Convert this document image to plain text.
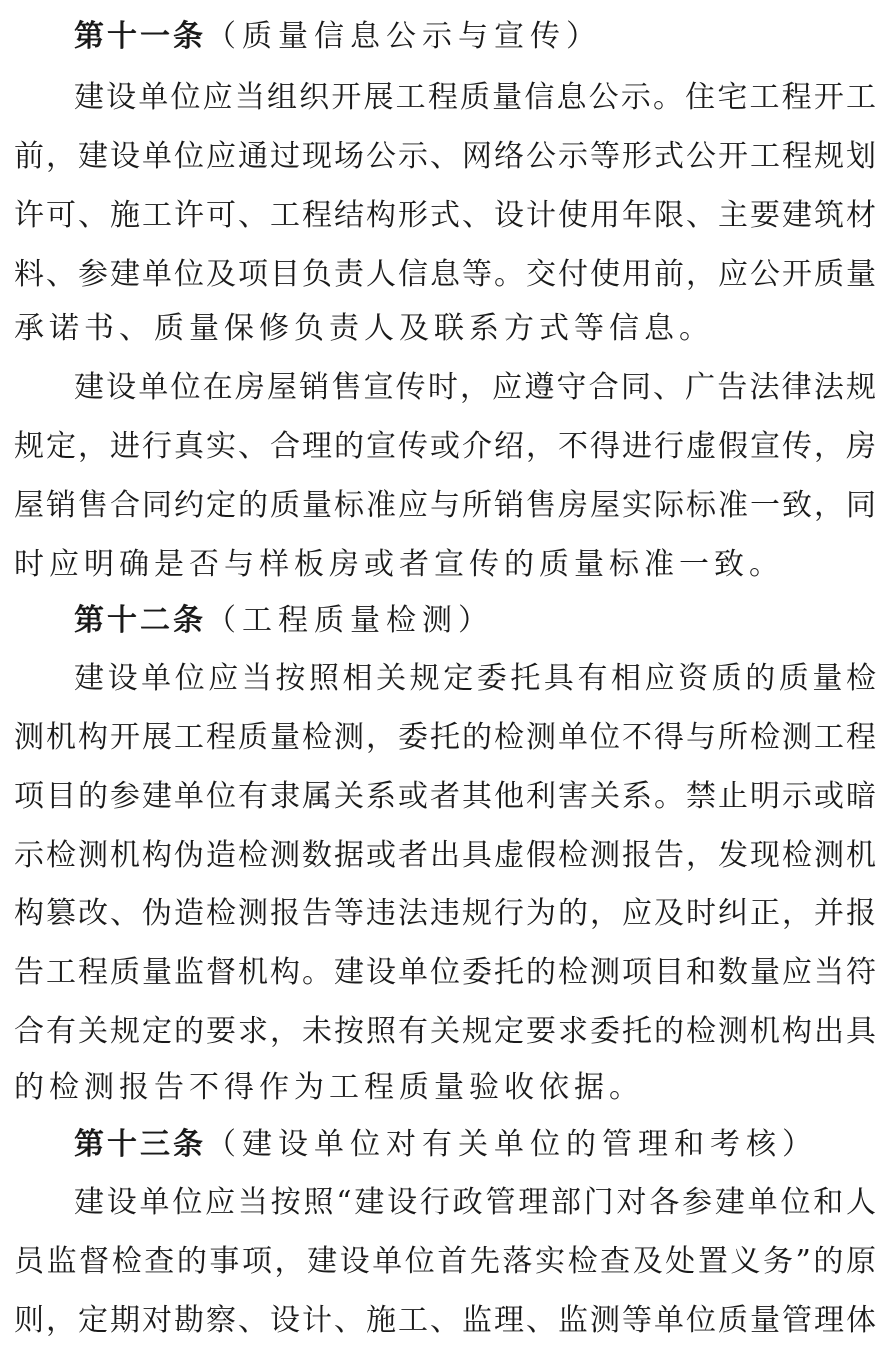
第十一条（质量信息公示与宣传）
建设单位应当组织开展工程质量信息公示。住宅工程开工
前，建设单位应通过现场公示、网络公示等形式公开工程规划
许可、施工许可、工程结构形式、设计使用年限、主要建筑材
料、参建单位及项目负责人信息等。交付使用前，应公开质量
承诺书、质量保修负责人及联系方式等信息。
建设单位在房屋销售宣传时，应遵守合同、广告法律法规
规定，进行真实、合理的宣传或介绍，不得进行虚假宣传，房
屋销售合同约定的质量标准应与所销售房屋实际标准一致，同
时应明确是否与样板房或者宣传的质量标准一致。
第十二条（工程质量检测）
建设单位应当按照相关规定委托具有相应资质的质量检
测机构开展工程质量检测，委托的检测单位不得与所检测工程
项目的参建单位有隶属关系或者其他利害关系。禁止明示或暗
示检测机构伪造检测数据或者出具虚假检测报告，发现检测机
构篡改、伪造检测报告等违法违规行为的，应及时纠正，并报
告工程质量监督机构。建设单位委托的检测项目和数量应当符
合有关规定的要求，未按照有关规定要求委托的检测机构出具
的检测报告不得作为工程质量验收依据。
第十三条（建设单位对有关单位的管理和考核）
建设单位应当按照“建设行政管理部门对各参建单位和人
员监督检查的事项，建设单位首先落实检查及处置义务”的原
则，定期对勘察、设计、施工、监理、监测等单位质量管理体
